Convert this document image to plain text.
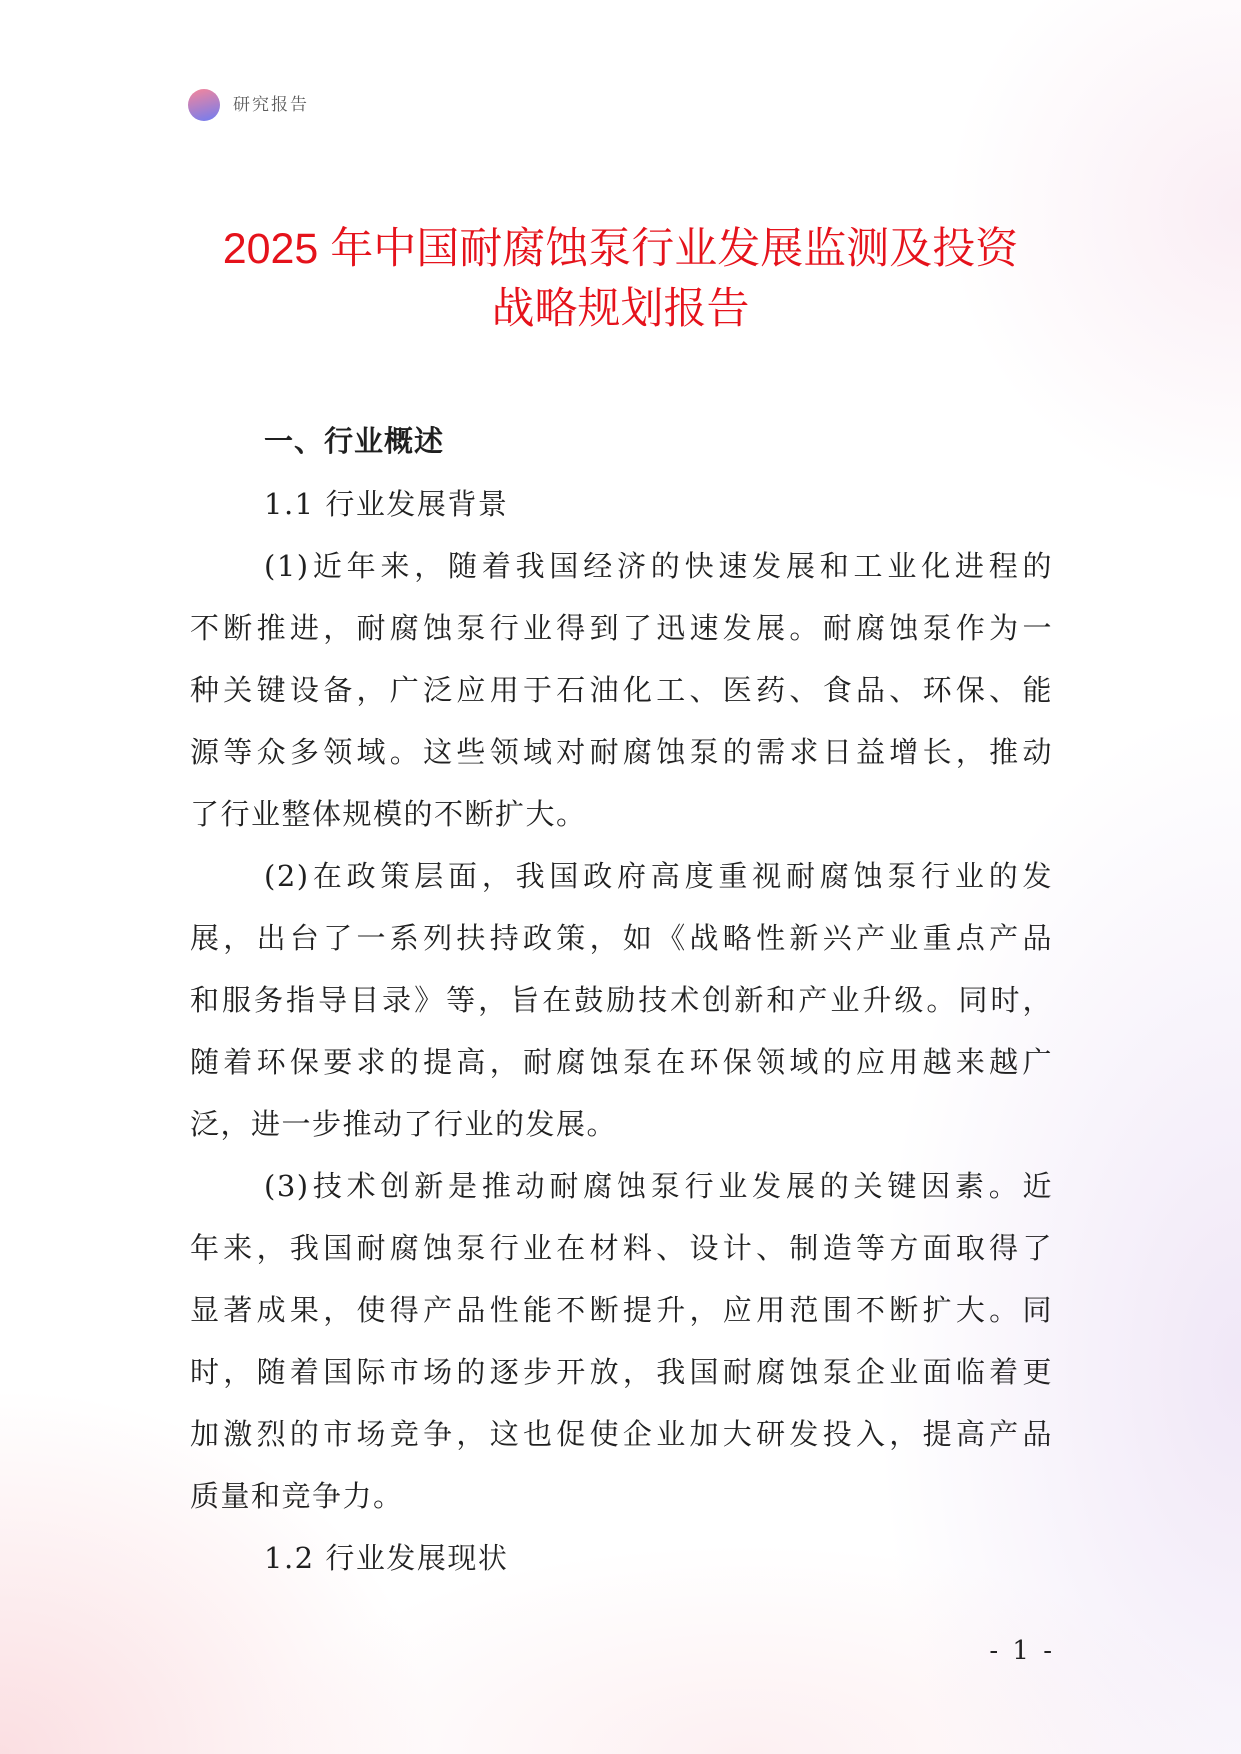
研究报告
2025 年中国耐腐蚀泵行业发展监测及投资
战略规划报告
一、行业概述
1.1 行业发展背景
(1)近年来，随着我国经济的快速发展和工业化进程的
不断推进，耐腐蚀泵行业得到了迅速发展。耐腐蚀泵作为一
种关键设备，广泛应用于石油化工、医药、食品、环保、能
源等众多领域。这些领域对耐腐蚀泵的需求日益增长，推动
了行业整体规模的不断扩大。
(2)在政策层面，我国政府高度重视耐腐蚀泵行业的发
展，出台了一系列扶持政策，如《战略性新兴产业重点产品
和服务指导目录》等，旨在鼓励技术创新和产业升级。同时，
随着环保要求的提高，耐腐蚀泵在环保领域的应用越来越广
泛，进一步推动了行业的发展。
(3)技术创新是推动耐腐蚀泵行业发展的关键因素。近
年来，我国耐腐蚀泵行业在材料、设计、制造等方面取得了
显著成果，使得产品性能不断提升，应用范围不断扩大。同
时，随着国际市场的逐步开放，我国耐腐蚀泵企业面临着更
加激烈的市场竞争，这也促使企业加大研发投入，提高产品
质量和竞争力。
1.2 行业发展现状
- 1 -
